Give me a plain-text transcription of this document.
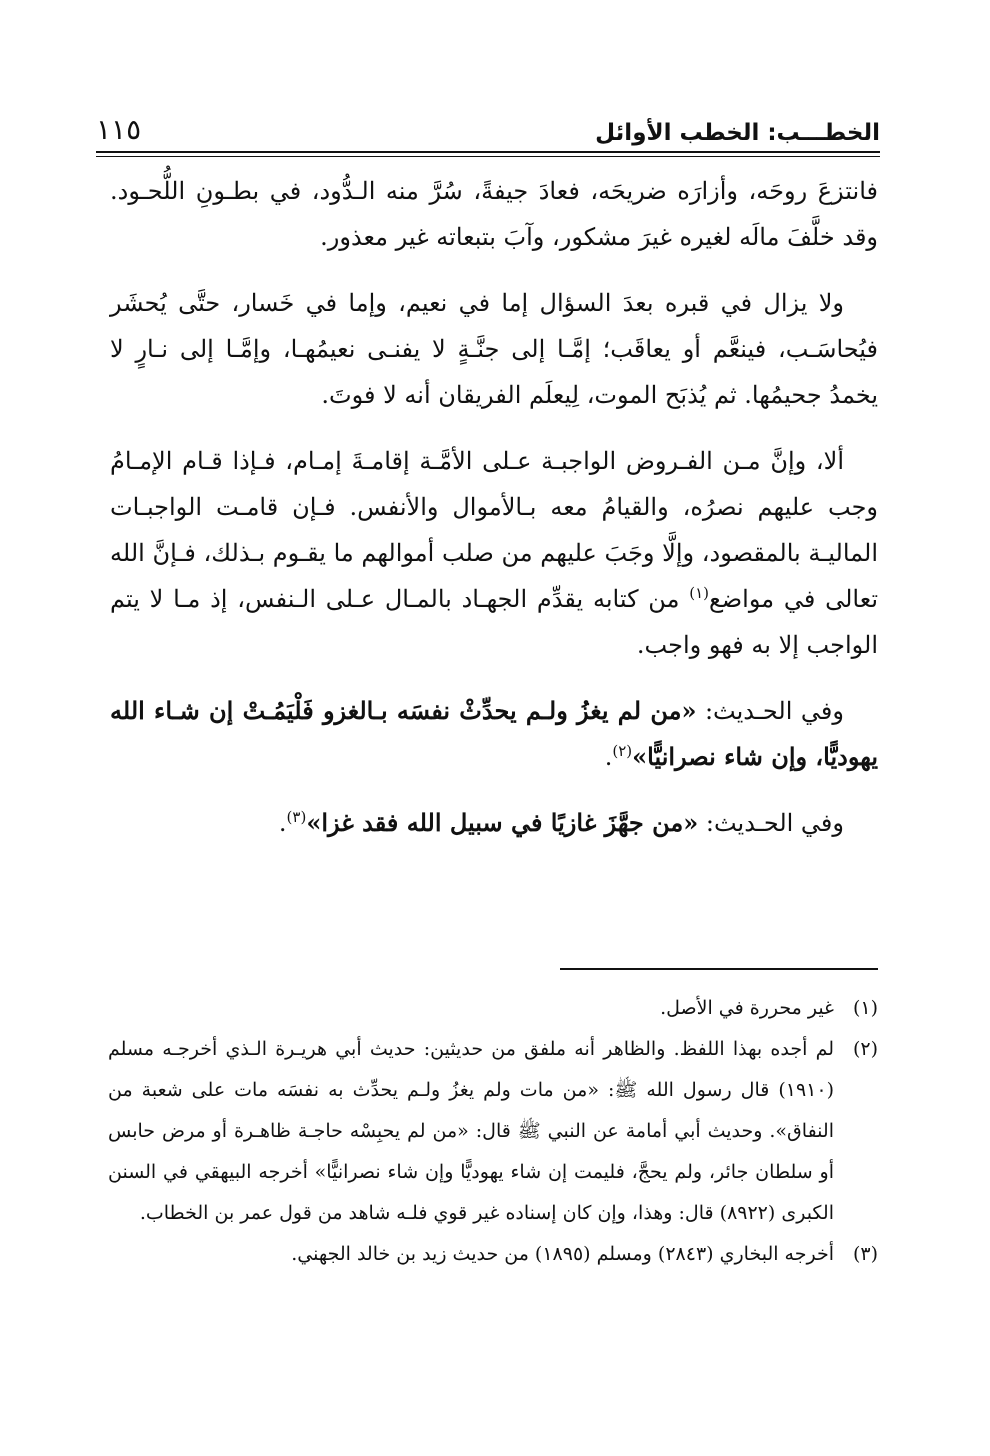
الخطـــب: الخطب الأوائل
١١٥

فانتزعَ روحَه، وأزارَه ضريحَه، فعادَ جيفةً، سُرَّ منه الـدُّود، في بطـونِ اللُّحـود. وقد خلَّفَ مالَه لغيره غيرَ مشكور، وآبَ بتبعاته غير معذور.

ولا يزال في قبره بعدَ السؤال إما في نعيم، وإما في خَسار، حتَّى يُحشَر فيُحاسَـب، فينعَّم أو يعاقَب؛ إمَّـا إلى جنَّـةٍ لا يفنـى نعيمُهـا، وإمَّـا إلى نـارٍ لا يخمدُ جحيمُها. ثم يُذبَح الموت، لِيعلَم الفريقان أنه لا فوتَ.

ألا، وإنَّ مـن الفـروض الواجبـة عـلى الأمَّـة إقامـةَ إمـام، فـإذا قـام الإمـامُ وجب عليهم نصرُه، والقيامُ معه بـالأموال والأنفس. فـإن قامـت الواجبـات الماليـة بالمقصود، وإلَّا وجَبَ عليهم من صلب أموالهم ما يقـوم بـذلك، فـإنَّ الله تعالى في مواضع$^{(١)}$ من كتابه يقدِّم الجهـاد بالمـال عـلى الـنفس، إذ مـا لا يتم الواجب إلا به فهو واجب.

وفي الحـديث: «من لم يغزُ ولـم يحدِّثْ نفسَه بـالغزو فَلْيَمُـتْ إن شـاء الله يهوديًّا، وإن شاء نصرانيًّا»$^{(٢)}$.

وفي الحـديث: «من جهَّزَ غازيًا في سبيل الله فقد غزا»$^{(٣)}$.

(١)
غير محررة في الأصل.
(٢)
لم أجده بهذا اللفظ. والظاهر أنه ملفق من حديثين: حديث أبي هريـرة الـذي أخرجـه مسلم (١٩١٠) قال رسول الله ﷺ: «من مات ولم يغزُ ولـم يحدِّث به نفسَه مات على شعبة من النفاق». وحديث أبي أمامة عن النبي ﷺ قال: «من لم يحبِسْه حاجـة ظاهـرة أو مرض حابس أو سلطان جائر، ولم يحجَّ، فليمت إن شاء يهوديًّا وإن شاء نصرانيًّا» أخرجه البيهقي في السنن الكبرى (٨٩٢٢) قال: وهذا، وإن كان إسناده غير قوي فلـه شاهد من قول عمر بن الخطاب.
(٣)
أخرجه البخاري (٢٨٤٣) ومسلم (١٨٩٥) من حديث زيد بن خالد الجهني.
